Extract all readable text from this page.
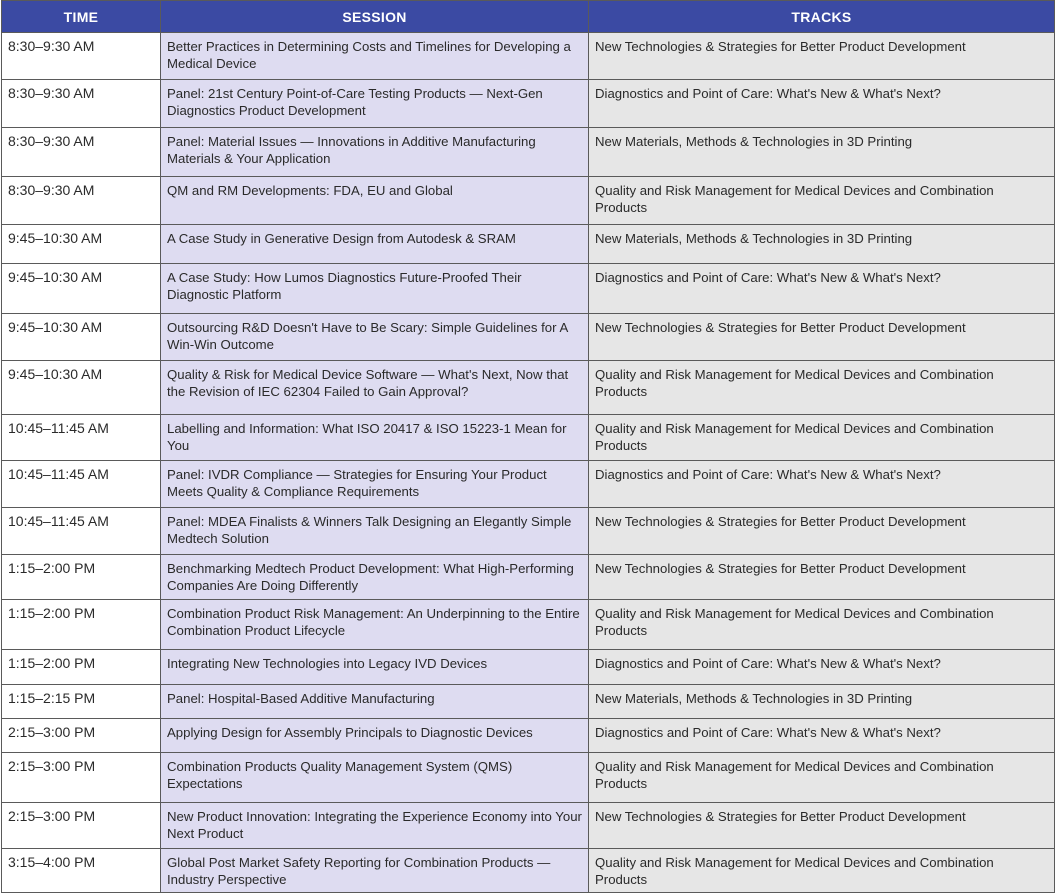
TIME	SESSION	TRACKS
8:30–9:30 AM	Better Practices in Determining Costs and Timelines for Developing a Medical Device	New Technologies & Strategies for Better Product Development
8:30–9:30 AM	Panel: 21st Century Point-of-Care Testing Products — Next-Gen Diagnostics Product Development	Diagnostics and Point of Care: What's New & What's Next?
8:30–9:30 AM	Panel: Material Issues — Innovations in Additive Manufacturing Materials & Your Application	New Materials, Methods & Technologies in 3D Printing
8:30–9:30 AM	QM and RM Developments: FDA, EU and Global	Quality and Risk Management for Medical Devices and Combination Products
9:45–10:30 AM	A Case Study in Generative Design from Autodesk & SRAM	New Materials, Methods & Technologies in 3D Printing
9:45–10:30 AM	A Case Study: How Lumos Diagnostics Future-Proofed Their Diagnostic Platform	Diagnostics and Point of Care: What's New & What's Next?
9:45–10:30 AM	Outsourcing R&D Doesn't Have to Be Scary: Simple Guidelines for A Win-Win Outcome	New Technologies & Strategies for Better Product Development
9:45–10:30 AM	Quality & Risk for Medical Device Software — What's Next, Now that the Revision of IEC 62304 Failed to Gain Approval?	Quality and Risk Management for Medical Devices and Combination Products
10:45–11:45 AM	Labelling and Information: What ISO 20417 & ISO 15223-1 Mean for You	Quality and Risk Management for Medical Devices and Combination Products
10:45–11:45 AM	Panel: IVDR Compliance — Strategies for Ensuring Your Product Meets Quality & Compliance Requirements	Diagnostics and Point of Care: What's New & What's Next?
10:45–11:45 AM	Panel: MDEA Finalists & Winners Talk Designing an Elegantly Simple Medtech Solution	New Technologies & Strategies for Better Product Development
1:15–2:00 PM	Benchmarking Medtech Product Development: What High-Performing Companies Are Doing Differently	New Technologies & Strategies for Better Product Development
1:15–2:00 PM	Combination Product Risk Management: An Underpinning to the Entire Combination Product Lifecycle	Quality and Risk Management for Medical Devices and Combination Products
1:15–2:00 PM	Integrating New Technologies into Legacy IVD Devices	Diagnostics and Point of Care: What's New & What's Next?
1:15–2:15 PM	Panel: Hospital-Based Additive Manufacturing	New Materials, Methods & Technologies in 3D Printing
2:15–3:00 PM	Applying Design for Assembly Principals to Diagnostic Devices	Diagnostics and Point of Care: What's New & What's Next?
2:15–3:00 PM	Combination Products Quality Management System (QMS) Expectations	Quality and Risk Management for Medical Devices and Combination Products
2:15–3:00 PM	New Product Innovation: Integrating the Experience Economy into Your Next Product	New Technologies & Strategies for Better Product Development
3:15–4:00 PM	Global Post Market Safety Reporting for Combination Products — Industry Perspective	Quality and Risk Management for Medical Devices and Combination Products
